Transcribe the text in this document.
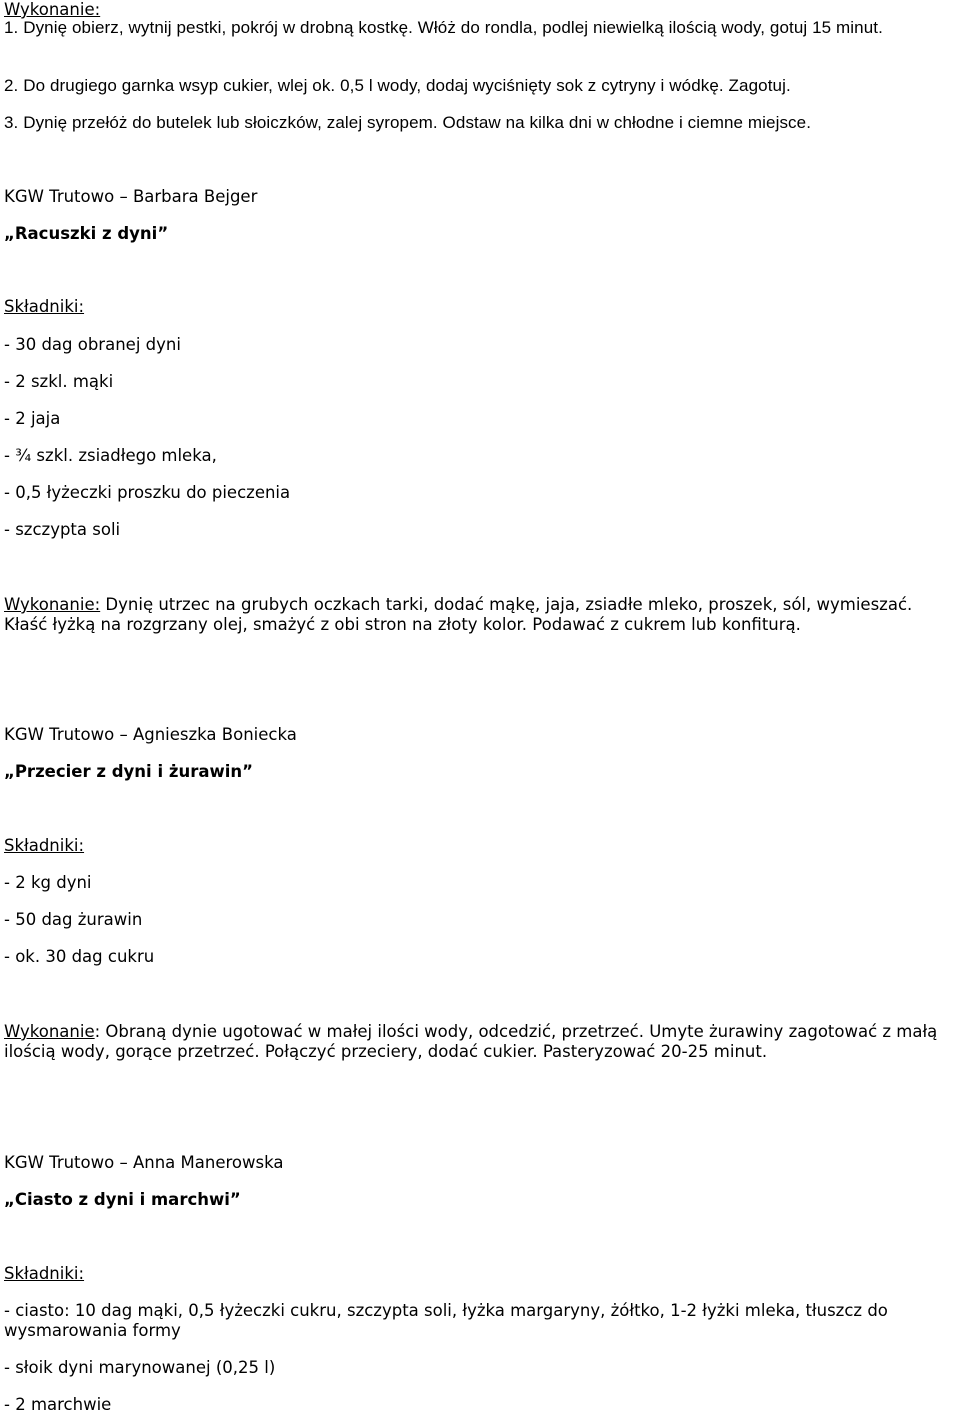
Wykonanie:
1. Dynię obierz, wytnij pestki, pokrój w drobną kostkę. Włóż do rondla, podlej niewielką ilością wody, gotuj 15 minut.
2. Do drugiego garnka wsyp cukier, wlej ok. 0,5 l wody, dodaj wyciśnięty sok z cytryny i wódkę. Zagotuj.
3. Dynię przełóż do butelek lub słoiczków, zalej syropem. Odstaw na kilka dni w chłodne i ciemne miejsce.
KGW Trutowo – Barbara Bejger
„Racuszki z dyni”
Składniki:
- 30 dag obranej dyni
- 2 szkl. mąki
- 2 jaja
- ¾ szkl. zsiadłego mleka,
- 0,5 łyżeczki proszku do pieczenia
- szczypta soli
Wykonanie: Dynię utrzec na grubych oczkach tarki, dodać mąkę, jaja, zsiadłe mleko, proszek, sól, wymieszać. Kłaść łyżką na rozgrzany olej, smażyć z obi stron na złoty kolor. Podawać z cukrem lub konfiturą.
KGW Trutowo – Agnieszka Boniecka
„Przecier z dyni i żurawin”
Składniki:
- 2 kg dyni
- 50 dag żurawin
- ok. 30 dag cukru
Wykonanie: Obraną dynie ugotować w małej ilości wody, odcedzić, przetrzeć. Umyte żurawiny zagotować z małą ilością wody, gorące przetrzeć. Połączyć przeciery, dodać cukier. Pasteryzować 20-25 minut.
KGW Trutowo – Anna Manerowska
„Ciasto z dyni i marchwi”
Składniki:
- ciasto: 10 dag mąki, 0,5 łyżeczki cukru, szczypta soli, łyżka margaryny, żółtko, 1-2 łyżki mleka, tłuszcz do wysmarowania formy
- słoik dyni marynowanej (0,25 l)
- 2 marchwie
